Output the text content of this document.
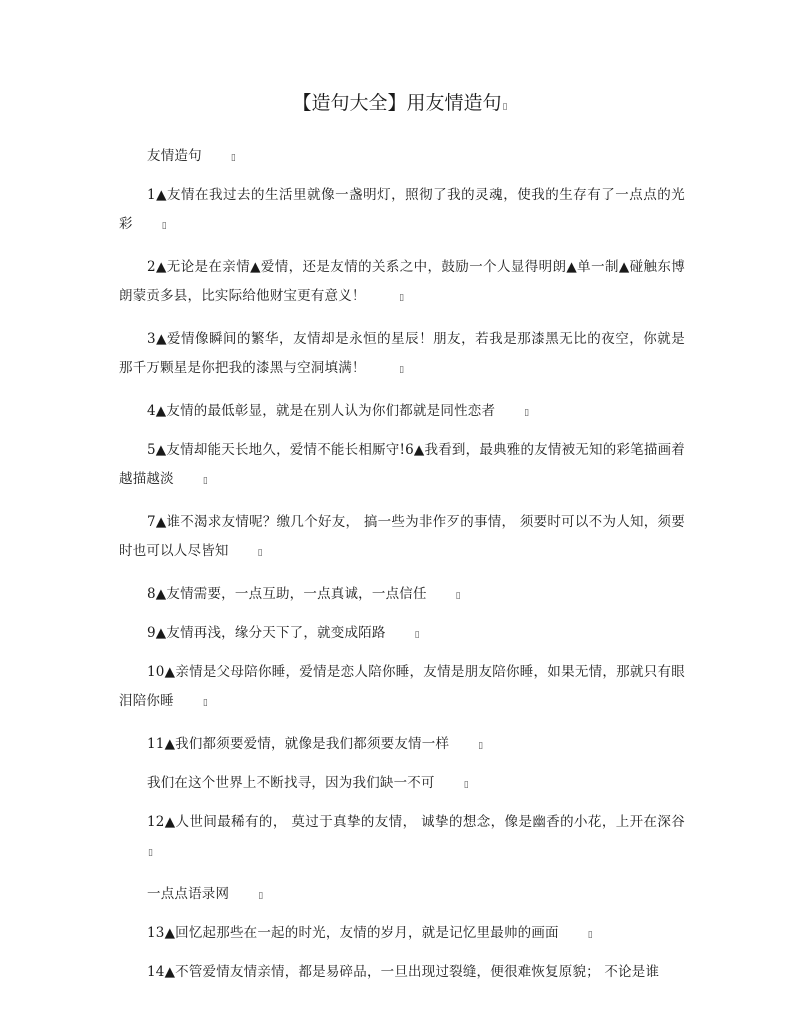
【造句大全】用友情造句▯

友情造句	▯

1▲友情在我过去的生活里就像一盏明灯，照彻了我的灵魂，使我的生存有了一点点的光彩	▯

2▲无论是在亲情▲爱情，还是友情的关系之中，鼓励一个人显得明朗▲单一制▲碰触东博朗蒙贡多县，比实际给他财宝更有意义！	▯

3▲爱情像瞬间的繁华，友情却是永恒的星辰！朋友，若我是那漆黑无比的夜空，你就是那千万颗星是你把我的漆黑与空洞填满！	▯

4▲友情的最低彰显，就是在别人认为你们都就是同性恋者	▯

5▲友情却能天长地久，爱情不能长相厮守!6▲我看到，最典雅的友情被无知的彩笔描画着越描越淡	▯

7▲谁不渴求友情呢？缴几个好友， 搞一些为非作歹的事情， 须要时可以不为人知，须要时也可以人尽皆知	▯

8▲友情需要，一点互助，一点真诚，一点信任	▯

9▲友情再浅，缘分天下了，就变成陌路	▯

10▲亲情是父母陪你睡，爱情是恋人陪你睡，友情是朋友陪你睡，如果无情，那就只有眼泪陪你睡	▯

11▲我们都须要爱情，就像是我们都须要友情一样	▯

我们在这个世界上不断找寻，因为我们缺一不可	▯

12▲人世间最稀有的， 莫过于真挚的友情， 诚挚的想念，像是幽香的小花，上开在深谷▯

一点点语录网	▯

13▲回忆起那些在一起的时光，友情的岁月，就是记忆里最帅的画面	▯

14▲不管爱情友情亲情，都是易碎品，一旦出现过裂缝，便很难恢复原貌； 不论是谁
